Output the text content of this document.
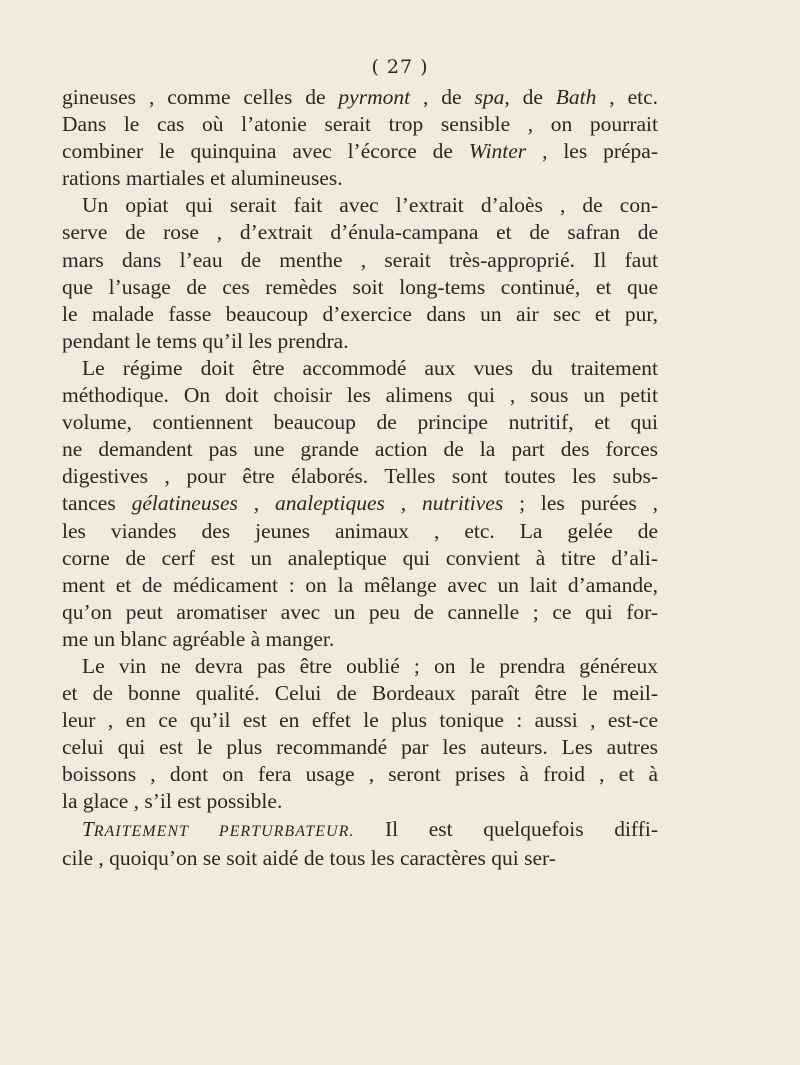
( 27 )
gineuses , comme celles de pyrmont , de spa, de Bath , etc.
Dans le cas où l’atonie serait trop sensible , on pourrait
combiner le quinquina avec l’écorce de Winter , les prépa-
rations martiales et alumineuses.
Un opiat qui serait fait avec l’extrait d’aloès , de con-
serve de rose , d’extrait d’énula-campana et de safran de
mars dans l’eau de menthe , serait très-approprié. Il faut
que l’usage de ces remèdes soit long-tems continué, et que
le malade fasse beaucoup d’exercice dans un air sec et pur,
pendant le tems qu’il les prendra.
Le régime doit être accommodé aux vues du traitement
méthodique. On doit choisir les alimens qui , sous un petit
volume, contiennent beaucoup de principe nutritif, et qui
ne demandent pas une grande action de la part des forces
digestives , pour être élaborés. Telles sont toutes les subs-
tances gélatineuses , analeptiques , nutritives ; les purées ,
les viandes des jeunes animaux , etc. La gelée de
corne de cerf est un analeptique qui convient à titre d’ali-
ment et de médicament : on la mêlange avec un lait d’amande,
qu’on peut aromatiser avec un peu de cannelle ; ce qui for-
me un blanc agréable à manger.
Le vin ne devra pas être oublié ; on le prendra généreux
et de bonne qualité. Celui de Bordeaux paraît être le meil-
leur , en ce qu’il est en effet le plus tonique : aussi , est-ce
celui qui est le plus recommandé par les auteurs. Les autres
boissons , dont on fera usage , seront prises à froid , et à
la glace , s’il est possible.
TRAITEMENT PERTURBATEUR. Il est quelquefois diffi-
cile , quoiqu’on se soit aidé de tous les caractères qui ser-
